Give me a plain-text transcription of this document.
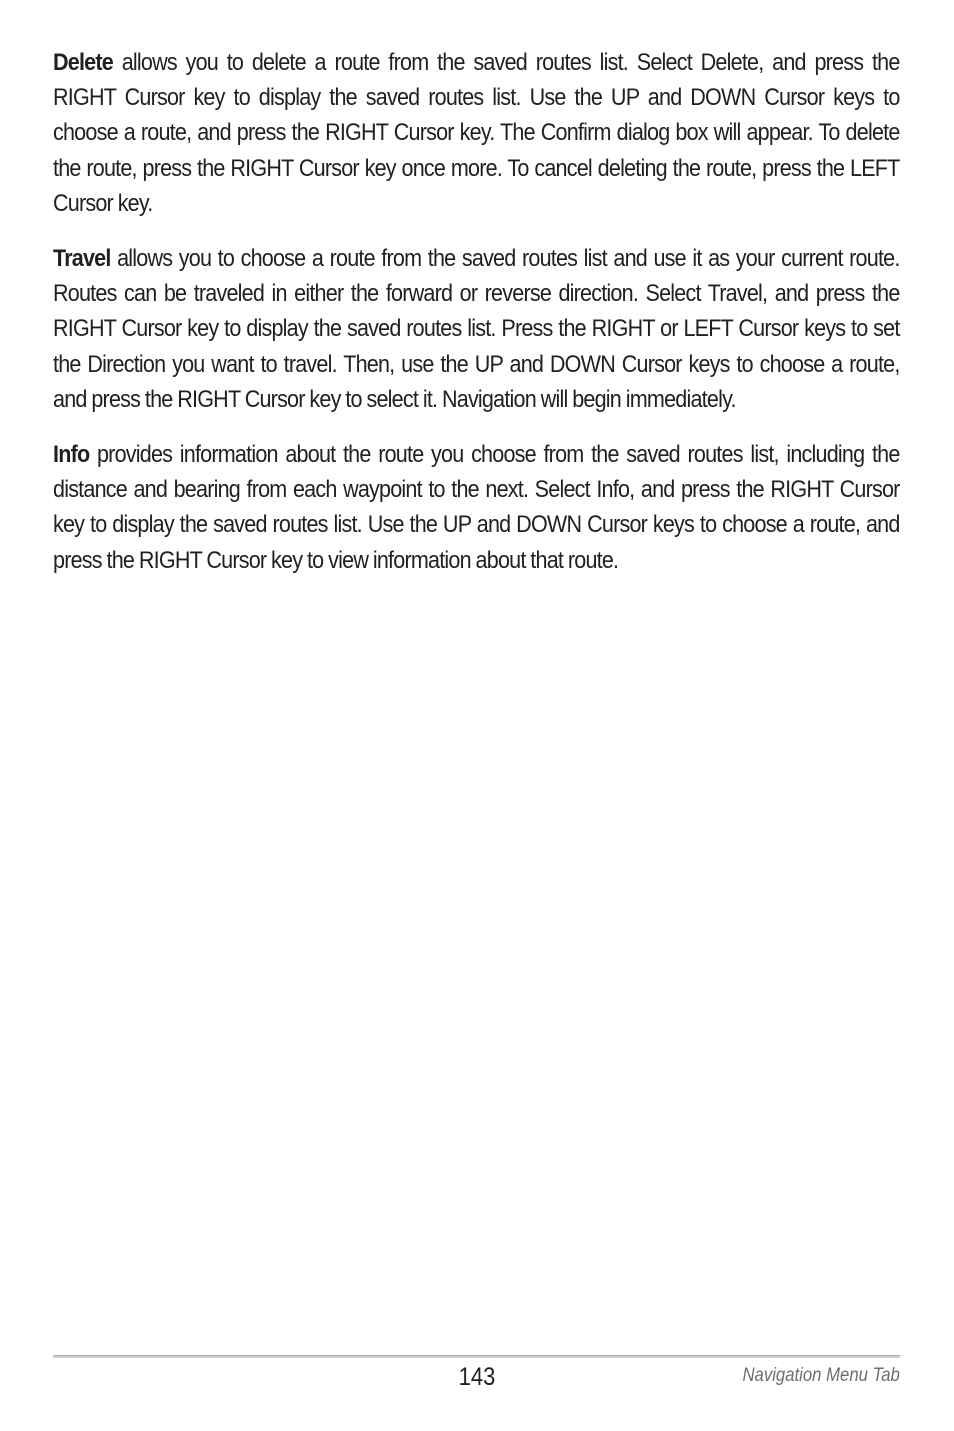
Delete allows you to delete a route from the saved routes list. Select Delete, and press the RIGHT Cursor key to display the saved routes list. Use the UP and DOWN Cursor keys to choose a route, and press the RIGHT Cursor key. The Confirm dialog box will appear. To delete the route, press the RIGHT Cursor key once more. To cancel deleting the route, press the LEFT Cursor key.

Travel allows you to choose a route from the saved routes list and use it as your current route. Routes can be traveled in either the forward or reverse direction. Select Travel, and press the RIGHT Cursor key to display the saved routes list. Press the RIGHT or LEFT Cursor keys to set the Direction you want to travel. Then, use the UP and DOWN Cursor keys to choose a route, and press the RIGHT Cursor key to select it. Navigation will begin immediately.

Info provides information about the route you choose from the saved routes list, including the distance and bearing from each waypoint to the next. Select Info, and press the RIGHT Cursor key to display the saved routes list. Use the UP and DOWN Cursor keys to choose a route, and press the RIGHT Cursor key to view information about that route.

143	Navigation Menu Tab
